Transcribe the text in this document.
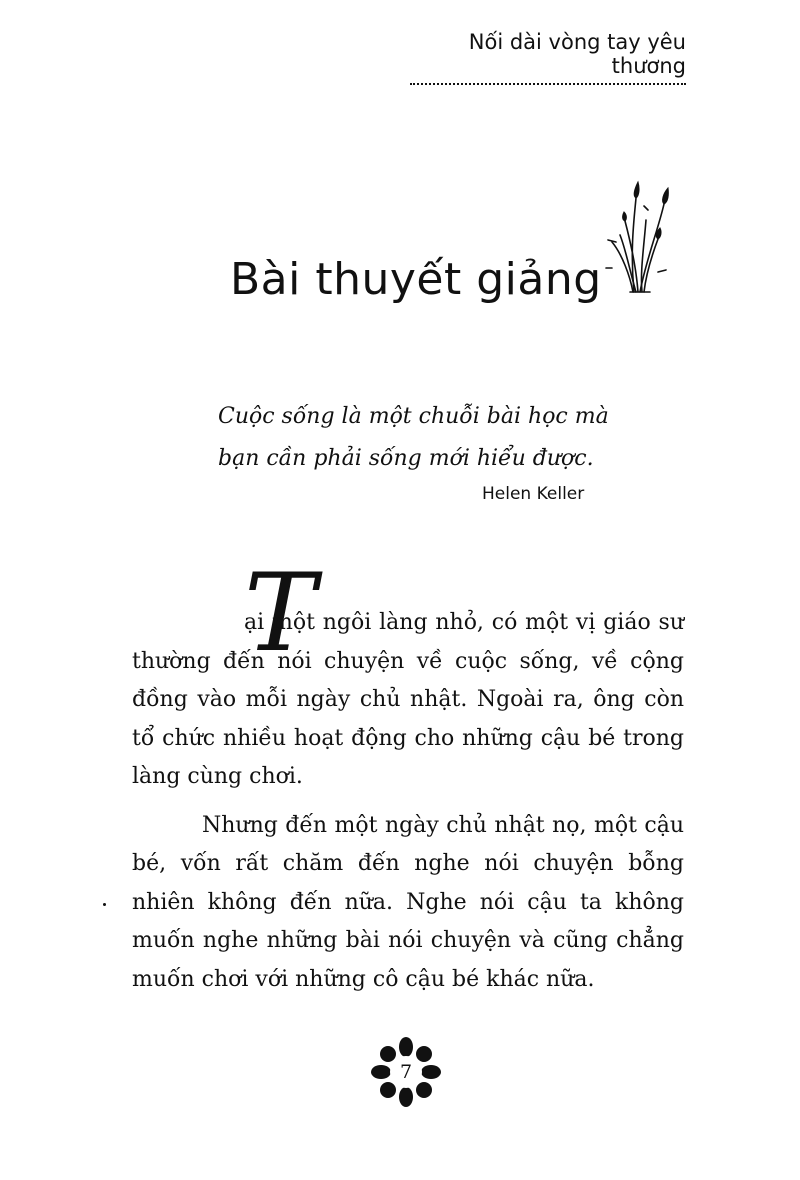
Nối dài vòng tay yêu thương
Bài thuyết giảng

Cuộc sống là một chuỗi bài học mà

bạn cần phải sống mới hiểu được.

Helen Keller
T

ại một ngôi làng nhỏ, có một vị giáo sư thường đến nói chuyện về cuộc sống, về cộng đồng vào mỗi ngày chủ nhật. Ngoài ra, ông còn tổ chức nhiều hoạt động cho những cậu bé trong làng cùng chơi.

Nhưng đến một ngày chủ nhật nọ, một cậu bé, vốn rất chăm đến nghe nói chuyện bỗng nhiên không đến nữa. Nghe nói cậu ta không muốn nghe những bài nói chuyện và cũng chẳng muốn chơi với những cô cậu bé khác nữa.

7
